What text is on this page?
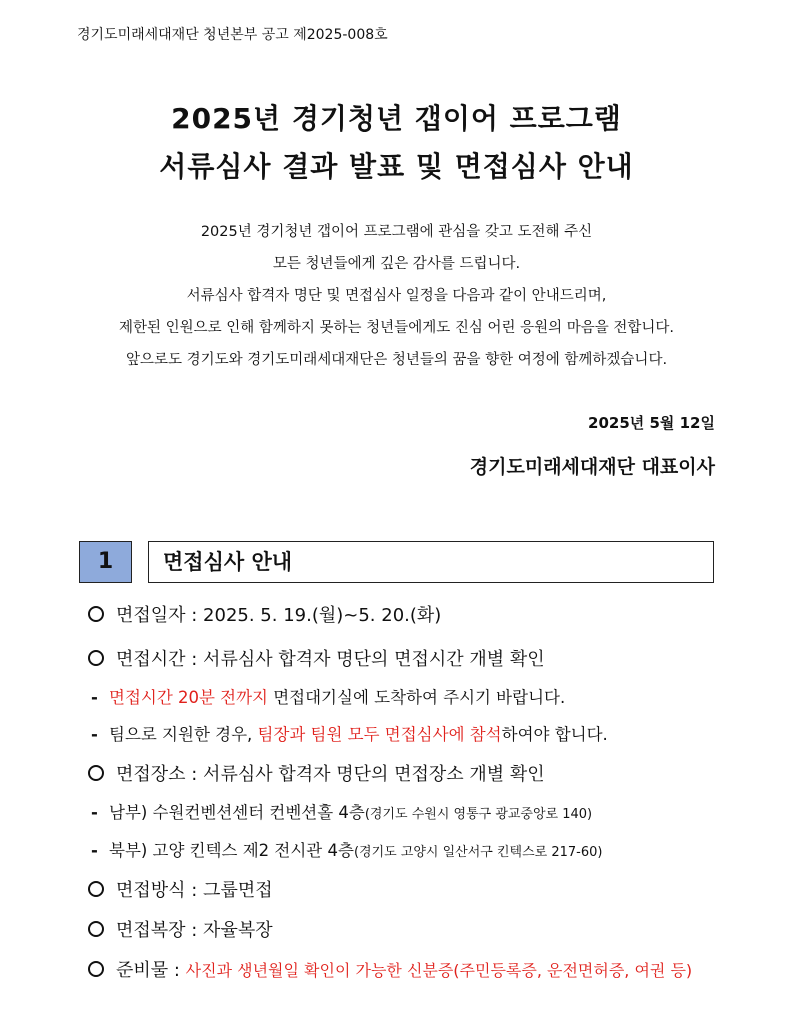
경기도미래세대재단 청년본부 공고 제2025-008호
2025년 경기청년 갭이어 프로그램
서류심사 결과 발표 및 면접심사 안내
2025년 경기청년 갭이어 프로그램에 관심을 갖고 도전해 주신
모든 청년들에게 깊은 감사를 드립니다.
서류심사 합격자 명단 및 면접심사 일정을 다음과 같이 안내드리며,
제한된 인원으로 인해 함께하지 못하는 청년들에게도 진심 어린 응원의 마음을 전합니다.
앞으로도 경기도와 경기도미래세대재단은 청년들의 꿈을 향한 여정에 함께하겠습니다.
2025년 5월 12일
경기도미래세대재단 대표이사
1	면접심사 안내
면접일자 : 2025. 5. 19.(월)~5. 20.(화)
면접시간 : 서류심사 합격자 명단의 면접시간 개별 확인
- 면접시간 20분 전까지 면접대기실에 도착하여 주시기 바랍니다.
- 팀으로 지원한 경우, 팀장과 팀원 모두 면접심사에 참석하여야 합니다.
면접장소 : 서류심사 합격자 명단의 면접장소 개별 확인
- 남부) 수원컨벤션센터 컨벤션홀 4층(경기도 수원시 영통구 광교중앙로 140)
- 북부) 고양 킨텍스 제2 전시관 4층(경기도 고양시 일산서구 킨텍스로 217-60)
면접방식 : 그룹면접
면접복장 : 자율복장
준비물 : 사진과 생년월일 확인이 가능한 신분증(주민등록증, 운전면허증, 여권 등)
